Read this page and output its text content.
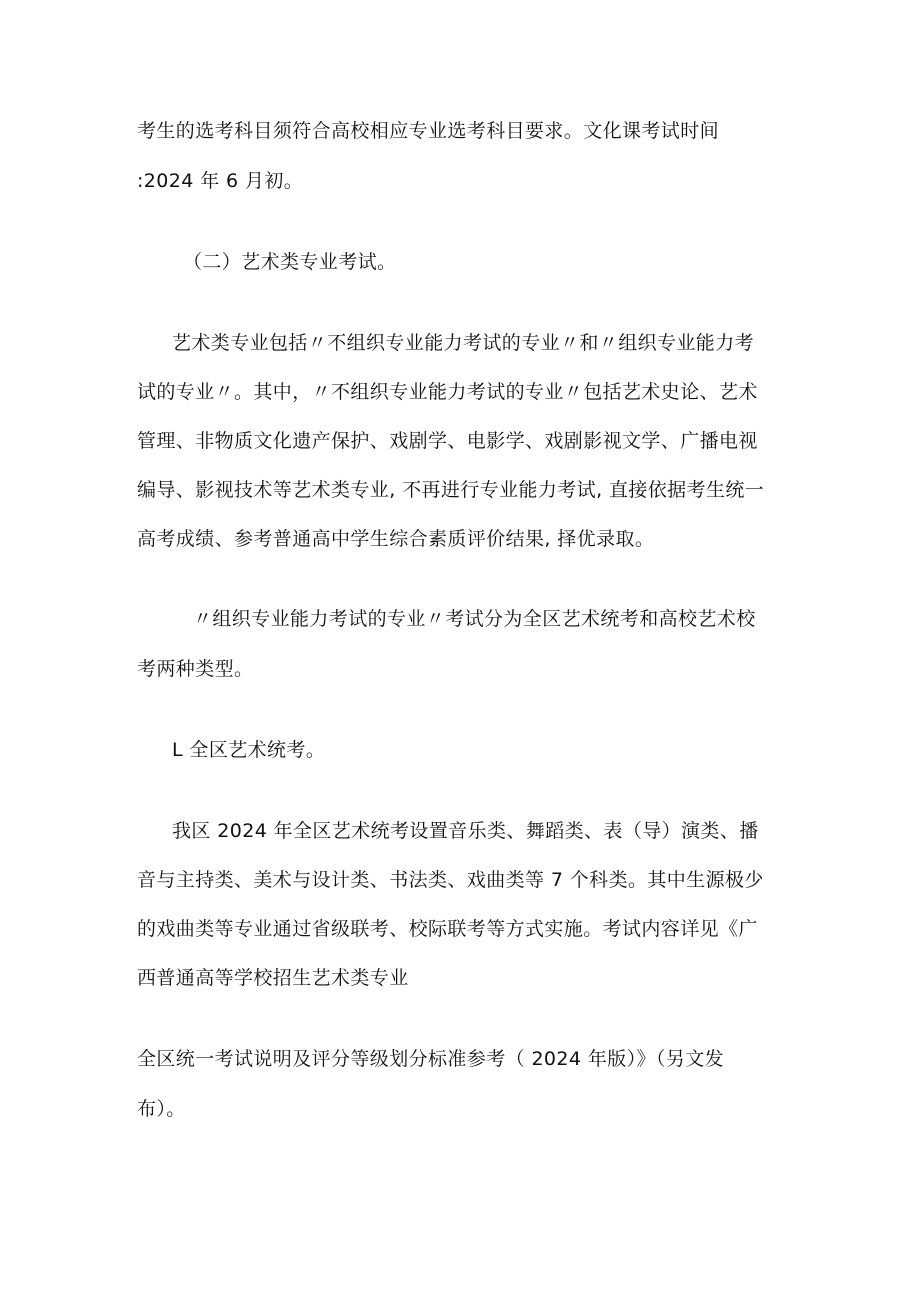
考生的选考科目须符合高校相应专业选考科目要求。文化课考试时间
:2024 年 6 月初。
（二）艺术类专业考试。
艺术类专业包括〃不组织专业能力考试的专业〃和〃组织专业能力考
试的专业〃。其中，〃不组织专业能力考试的专业〃包括艺术史论、艺术
管理、非物质文化遗产保护、戏剧学、电影学、戏剧影视文学、广播电视
编导、影视技术等艺术类专业, 不再进行专业能力考试, 直接依据考生统一
高考成绩、参考普通高中学生综合素质评价结果, 择优录取。
〃组织专业能力考试的专业〃考试分为全区艺术统考和高校艺术校
考两种类型。
L 全区艺术统考。
我区 2024 年全区艺术统考设置音乐类、舞蹈类、表（导）演类、播
音与主持类、美术与设计类、书法类、戏曲类等 7 个科类。其中生源极少
的戏曲类等专业通过省级联考、校际联考等方式实施。考试内容详见《广
西普通高等学校招生艺术类专业
全区统一考试说明及评分等级划分标准参考（ 2024 年版）》（另文发
布）。
